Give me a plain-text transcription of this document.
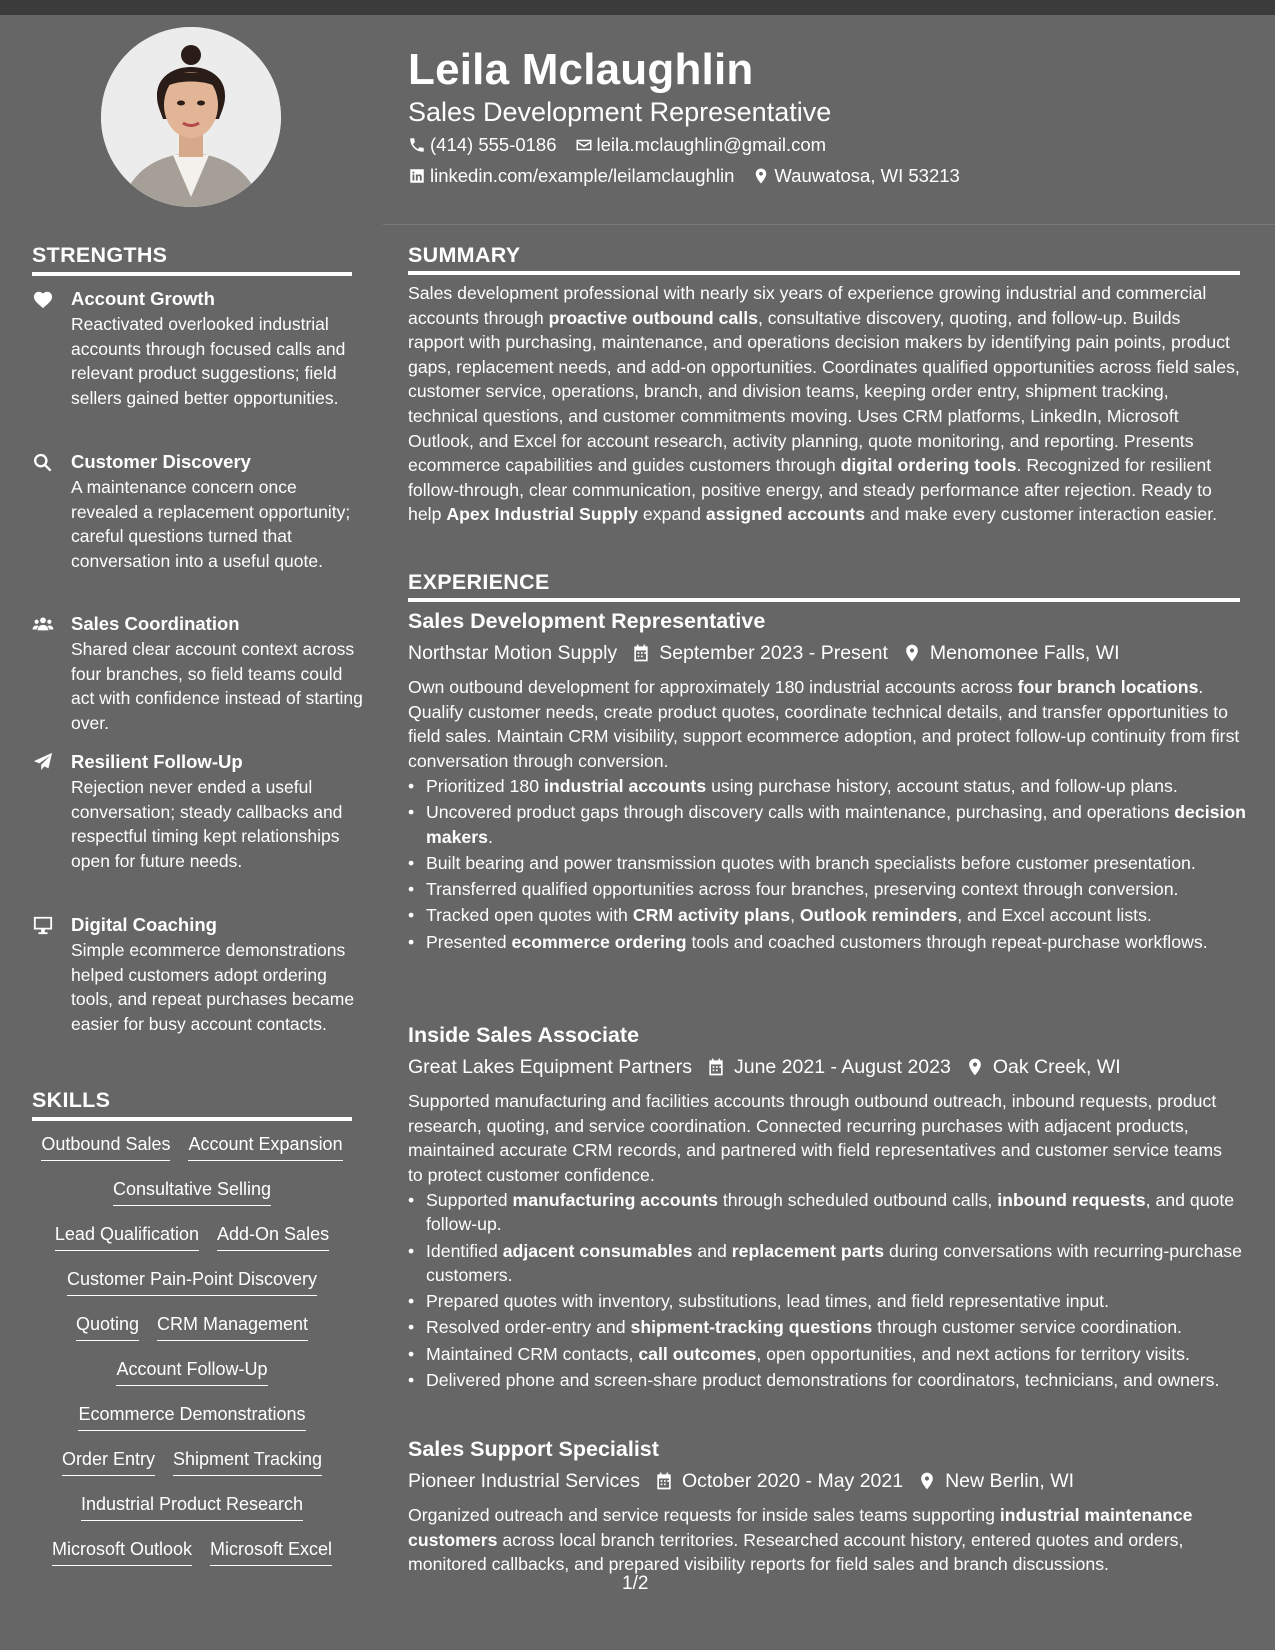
Leila Mclaughlin
Sales Development Representative
(414) 555-0186 leila.mclaughlin@gmail.com
linkedin.com/example/leilamclaughlin Wauwatosa, WI 53213
STRENGTHS
Account Growth
Reactivated overlooked industrial accounts through focused calls and relevant product suggestions; field sellers gained better opportunities.
Customer Discovery
A maintenance concern once revealed a replacement opportunity; careful questions turned that conversation into a useful quote.
Sales Coordination
Shared clear account context across four branches, so field teams could act with confidence instead of starting over.
Resilient Follow-Up
Rejection never ended a useful conversation; steady callbacks and respectful timing kept relationships open for future needs.
Digital Coaching
Simple ecommerce demonstrations helped customers adopt ordering tools, and repeat purchases became easier for busy account contacts.
SKILLS
Outbound Sales Account Expansion
Consultative Selling
Lead Qualification Add-On Sales
Customer Pain-Point Discovery
Quoting CRM Management
Account Follow-Up
Ecommerce Demonstrations
Order Entry Shipment Tracking
Industrial Product Research
Microsoft Outlook Microsoft Excel
SUMMARY
Sales development professional with nearly six years of experience growing industrial and commercial accounts through proactive outbound calls, consultative discovery, quoting, and follow-up. Builds rapport with purchasing, maintenance, and operations decision makers by identifying pain points, product gaps, replacement needs, and add-on opportunities. Coordinates qualified opportunities across field sales, customer service, operations, branch, and division teams, keeping order entry, shipment tracking, technical questions, and customer commitments moving. Uses CRM platforms, LinkedIn, Microsoft Outlook, and Excel for account research, activity planning, quote monitoring, and reporting. Presents ecommerce capabilities and guides customers through digital ordering tools. Recognized for resilient follow-through, clear communication, positive energy, and steady performance after rejection. Ready to help Apex Industrial Supply expand assigned accounts and make every customer interaction easier.
EXPERIENCE
Sales Development Representative
Northstar Motion Supply September 2023 - Present Menomonee Falls, WI
Own outbound development for approximately 180 industrial accounts across four branch locations. Qualify customer needs, create product quotes, coordinate technical details, and transfer opportunities to field sales. Maintain CRM visibility, support ecommerce adoption, and protect follow-up continuity from first conversation through conversion.
• Prioritized 180 industrial accounts using purchase history, account status, and follow-up plans.
• Uncovered product gaps through discovery calls with maintenance, purchasing, and operations decision makers.
• Built bearing and power transmission quotes with branch specialists before customer presentation.
• Transferred qualified opportunities across four branches, preserving context through conversion.
• Tracked open quotes with CRM activity plans, Outlook reminders, and Excel account lists.
• Presented ecommerce ordering tools and coached customers through repeat-purchase workflows.
Inside Sales Associate
Great Lakes Equipment Partners June 2021 - August 2023 Oak Creek, WI
Supported manufacturing and facilities accounts through outbound outreach, inbound requests, product research, quoting, and service coordination. Connected recurring purchases with adjacent products, maintained accurate CRM records, and partnered with field representatives and customer service teams to protect customer confidence.
• Supported manufacturing accounts through scheduled outbound calls, inbound requests, and quote follow-up.
• Identified adjacent consumables and replacement parts during conversations with recurring-purchase customers.
• Prepared quotes with inventory, substitutions, lead times, and field representative input.
• Resolved order-entry and shipment-tracking questions through customer service coordination.
• Maintained CRM contacts, call outcomes, open opportunities, and next actions for territory visits.
• Delivered phone and screen-share product demonstrations for coordinators, technicians, and owners.
Sales Support Specialist
Pioneer Industrial Services October 2020 - May 2021 New Berlin, WI
Organized outreach and service requests for inside sales teams supporting industrial maintenance customers across local branch territories. Researched account history, entered quotes and orders, monitored callbacks, and prepared visibility reports for field sales and branch discussions.
1/2
